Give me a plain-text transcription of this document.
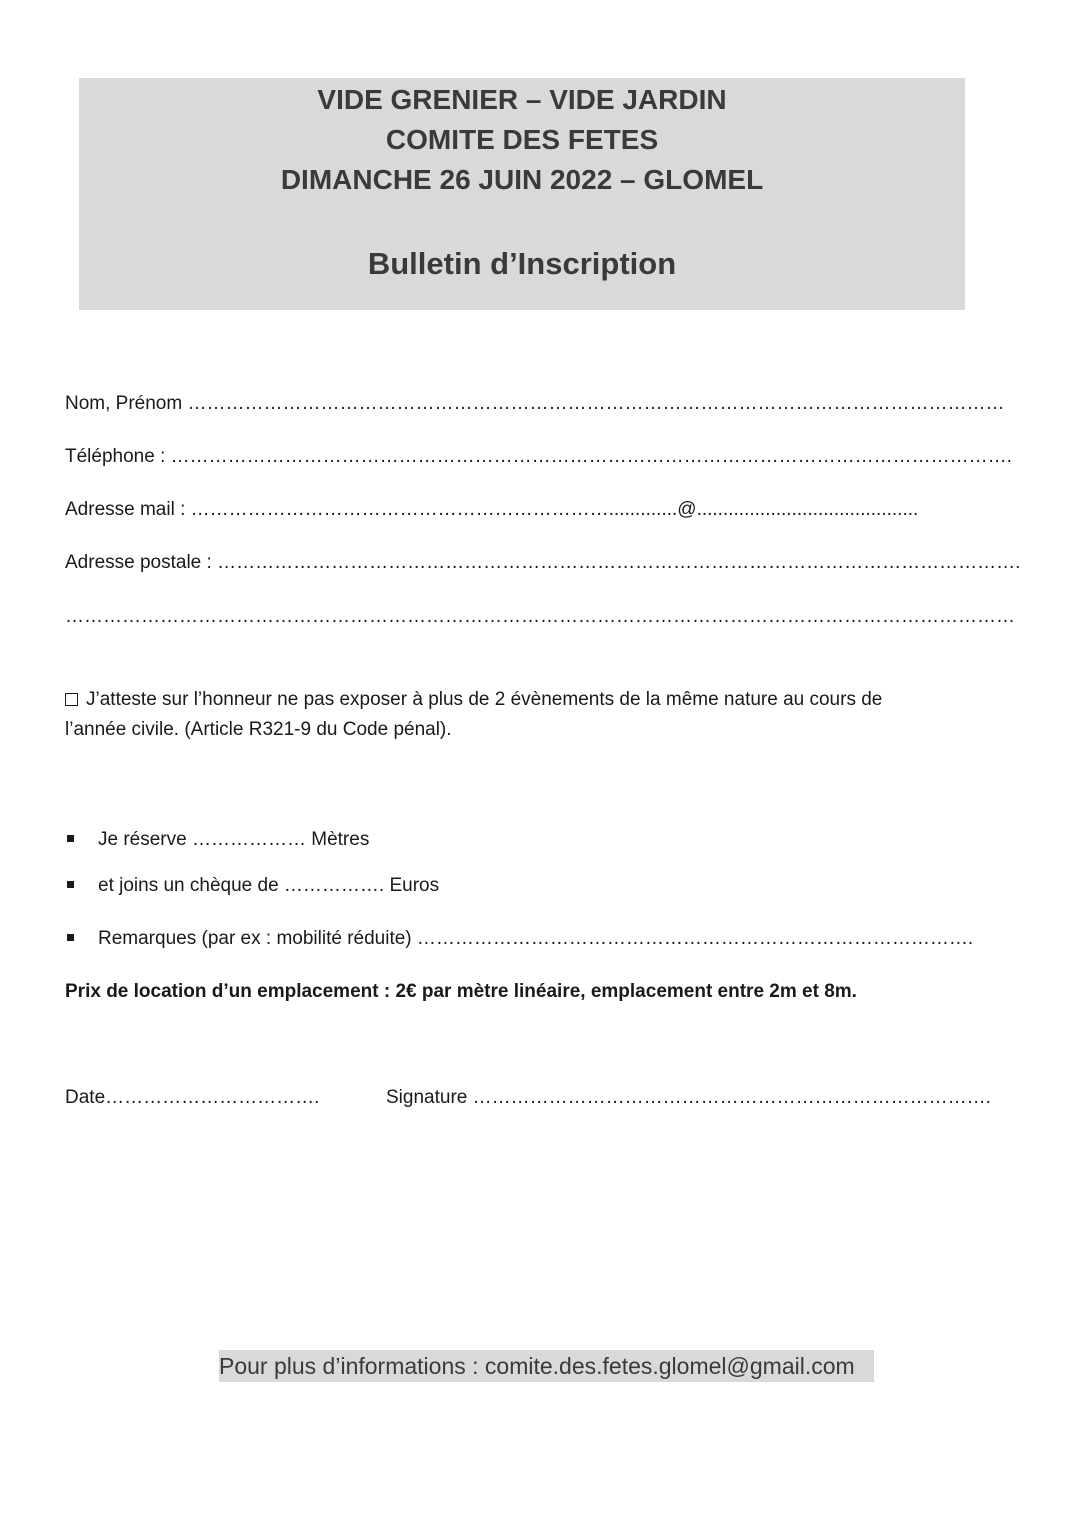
VIDE GRENIER – VIDE JARDIN
COMITE DES FETES
DIMANCHE 26 JUIN 2022 – GLOMEL
Bulletin d’Inscription
Nom, Prénom …………………………………………………………………………………………………………………
Téléphone : …………………………………………………………………………………………………………………….
Adresse mail : ………………………………………………………….............@..........................................
Adresse postale : ……………………………………………………………………………………………………………….
……………………………………………………………………………………………………………………………………
J’atteste sur l’honneur ne pas exposer à plus de 2 évènements de la même nature au cours de
l’année civile. (Article R321-9 du Code pénal).
Je réserve ……………… Mètres
et joins un chèque de ……………. Euros
Remarques (par ex : mobilité réduite) …………………………………………………………………………….
Prix de location d’un emplacement : 2€ par mètre linéaire, emplacement entre 2m et 8m.
Date…………………………….	Signature ……………………………………………………………………….
Pour plus d’informations : comite.des.fetes.glomel@gmail.com
